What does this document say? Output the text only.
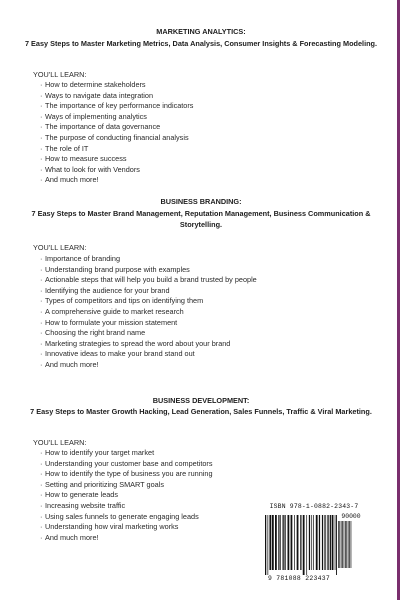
MARKETING ANALYTICS:
7 Easy Steps to Master Marketing Metrics, Data Analysis, Consumer Insights & Forecasting Modeling.
YOU'LL LEARN:
· How to determine stakeholders
· Ways to navigate data integration
· The importance of key performance indicators
· Ways of implementing analytics
· The importance of data governance
· The purpose of conducting financial analysis
· The role of IT
· How to measure success
· What to look for with Vendors
· And much more!
BUSINESS BRANDING:
7 Easy Steps to Master Brand Management, Reputation Management, Business Communication & Storytelling.
YOU'LL LEARN:
· Importance of branding
· Understanding brand purpose with examples
· Actionable steps that will help you build a brand trusted by people
· Identifying the audience for your brand
· Types of competitors and tips on identifying them
· A comprehensive guide to market research
· How to formulate your mission statement
· Choosing the right brand name
· Marketing strategies to spread the word about your brand
· Innovative ideas to make your brand stand out
· And much more!
BUSINESS DEVELOPMENT:
7 Easy Steps to Master Growth Hacking, Lead Generation, Sales Funnels, Traffic & Viral Marketing.
YOU'LL LEARN:
· How to identify your target market
· Understanding your customer base and competitors
· How to identify the type of business you are running
· Setting and prioritizing SMART goals
· How to generate leads
· Increasing website traffic
· Using sales funnels to generate engaging leads
· Understanding how viral marketing works
· And much more!
ISBN 978-1-0882-2343-7
90000
9 781088 223437
